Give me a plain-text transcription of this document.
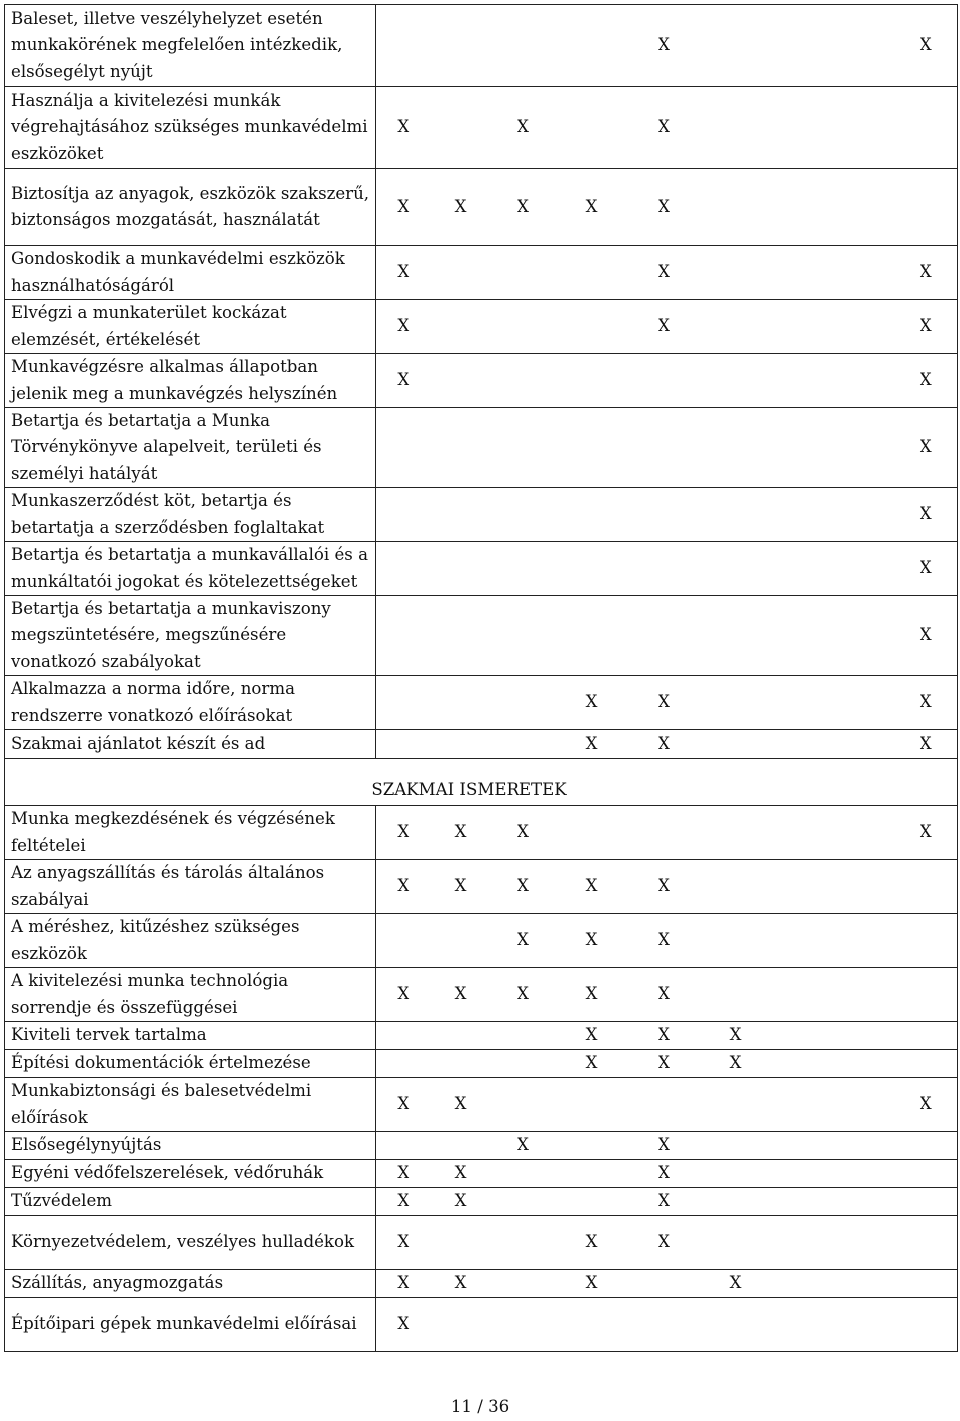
Baleset, illetve veszélyhelyzet esetén munkakörének megfelelően intézkedik, elsősegélyt nyújt					X				X
Használja a kivitelezési munkák végrehajtásához szükséges munkavédelmi eszközöket	X		X		X				
Biztosítja az anyagok, eszközök szakszerű, biztonságos mozgatását, használatát	X	X	X	X	X				
Gondoskodik a munkavédelmi eszközök használhatóságáról	X				X				X
Elvégzi a munkaterület kockázat elemzését, értékelését	X				X				X
Munkavégzésre alkalmas állapotban jelenik meg a munkavégzés helyszínén	X								X
Betartja és betartatja a Munka Törvénykönyve alapelveit, területi és személyi hatályát									X
Munkaszerződést köt, betartja és betartatja a szerződésben foglaltakat									X
Betartja és betartatja a munkavállalói és a munkáltatói jogokat és kötelezettségeket									X
Betartja és betartatja a munkaviszony megszüntetésére, megszűnésére vonatkozó szabályokat									X
Alkalmazza a norma időre, norma rendszerre vonatkozó előírásokat				X	X				X
Szakmai ajánlatot készít és ad				X	X				X
SZAKMAI ISMERETEK									
Munka megkezdésének és végzésének feltételei	X	X	X						X
Az anyagszállítás és tárolás általános szabályai	X	X	X	X	X				
A méréshez, kitűzéshez szükséges eszközök			X	X	X				
A kivitelezési munka technológia sorrendje és összefüggései	X	X	X	X	X				
Kiviteli tervek tartalma				X	X	X			
Építési dokumentációk értelmezése				X	X	X			
Munkabiztonsági és balesetvédelmi előírások	X	X							X
Elsősegélynyújtás			X		X				
Egyéni védőfelszerelések, védőruhák	X	X			X				
Tűzvédelem	X	X			X				
Környezetvédelem, veszélyes hulladékok	X			X	X				
Szállítás, anyagmozgatás	X	X		X		X			
Építőipari gépek munkavédelmi előírásai	X								
11 / 36
